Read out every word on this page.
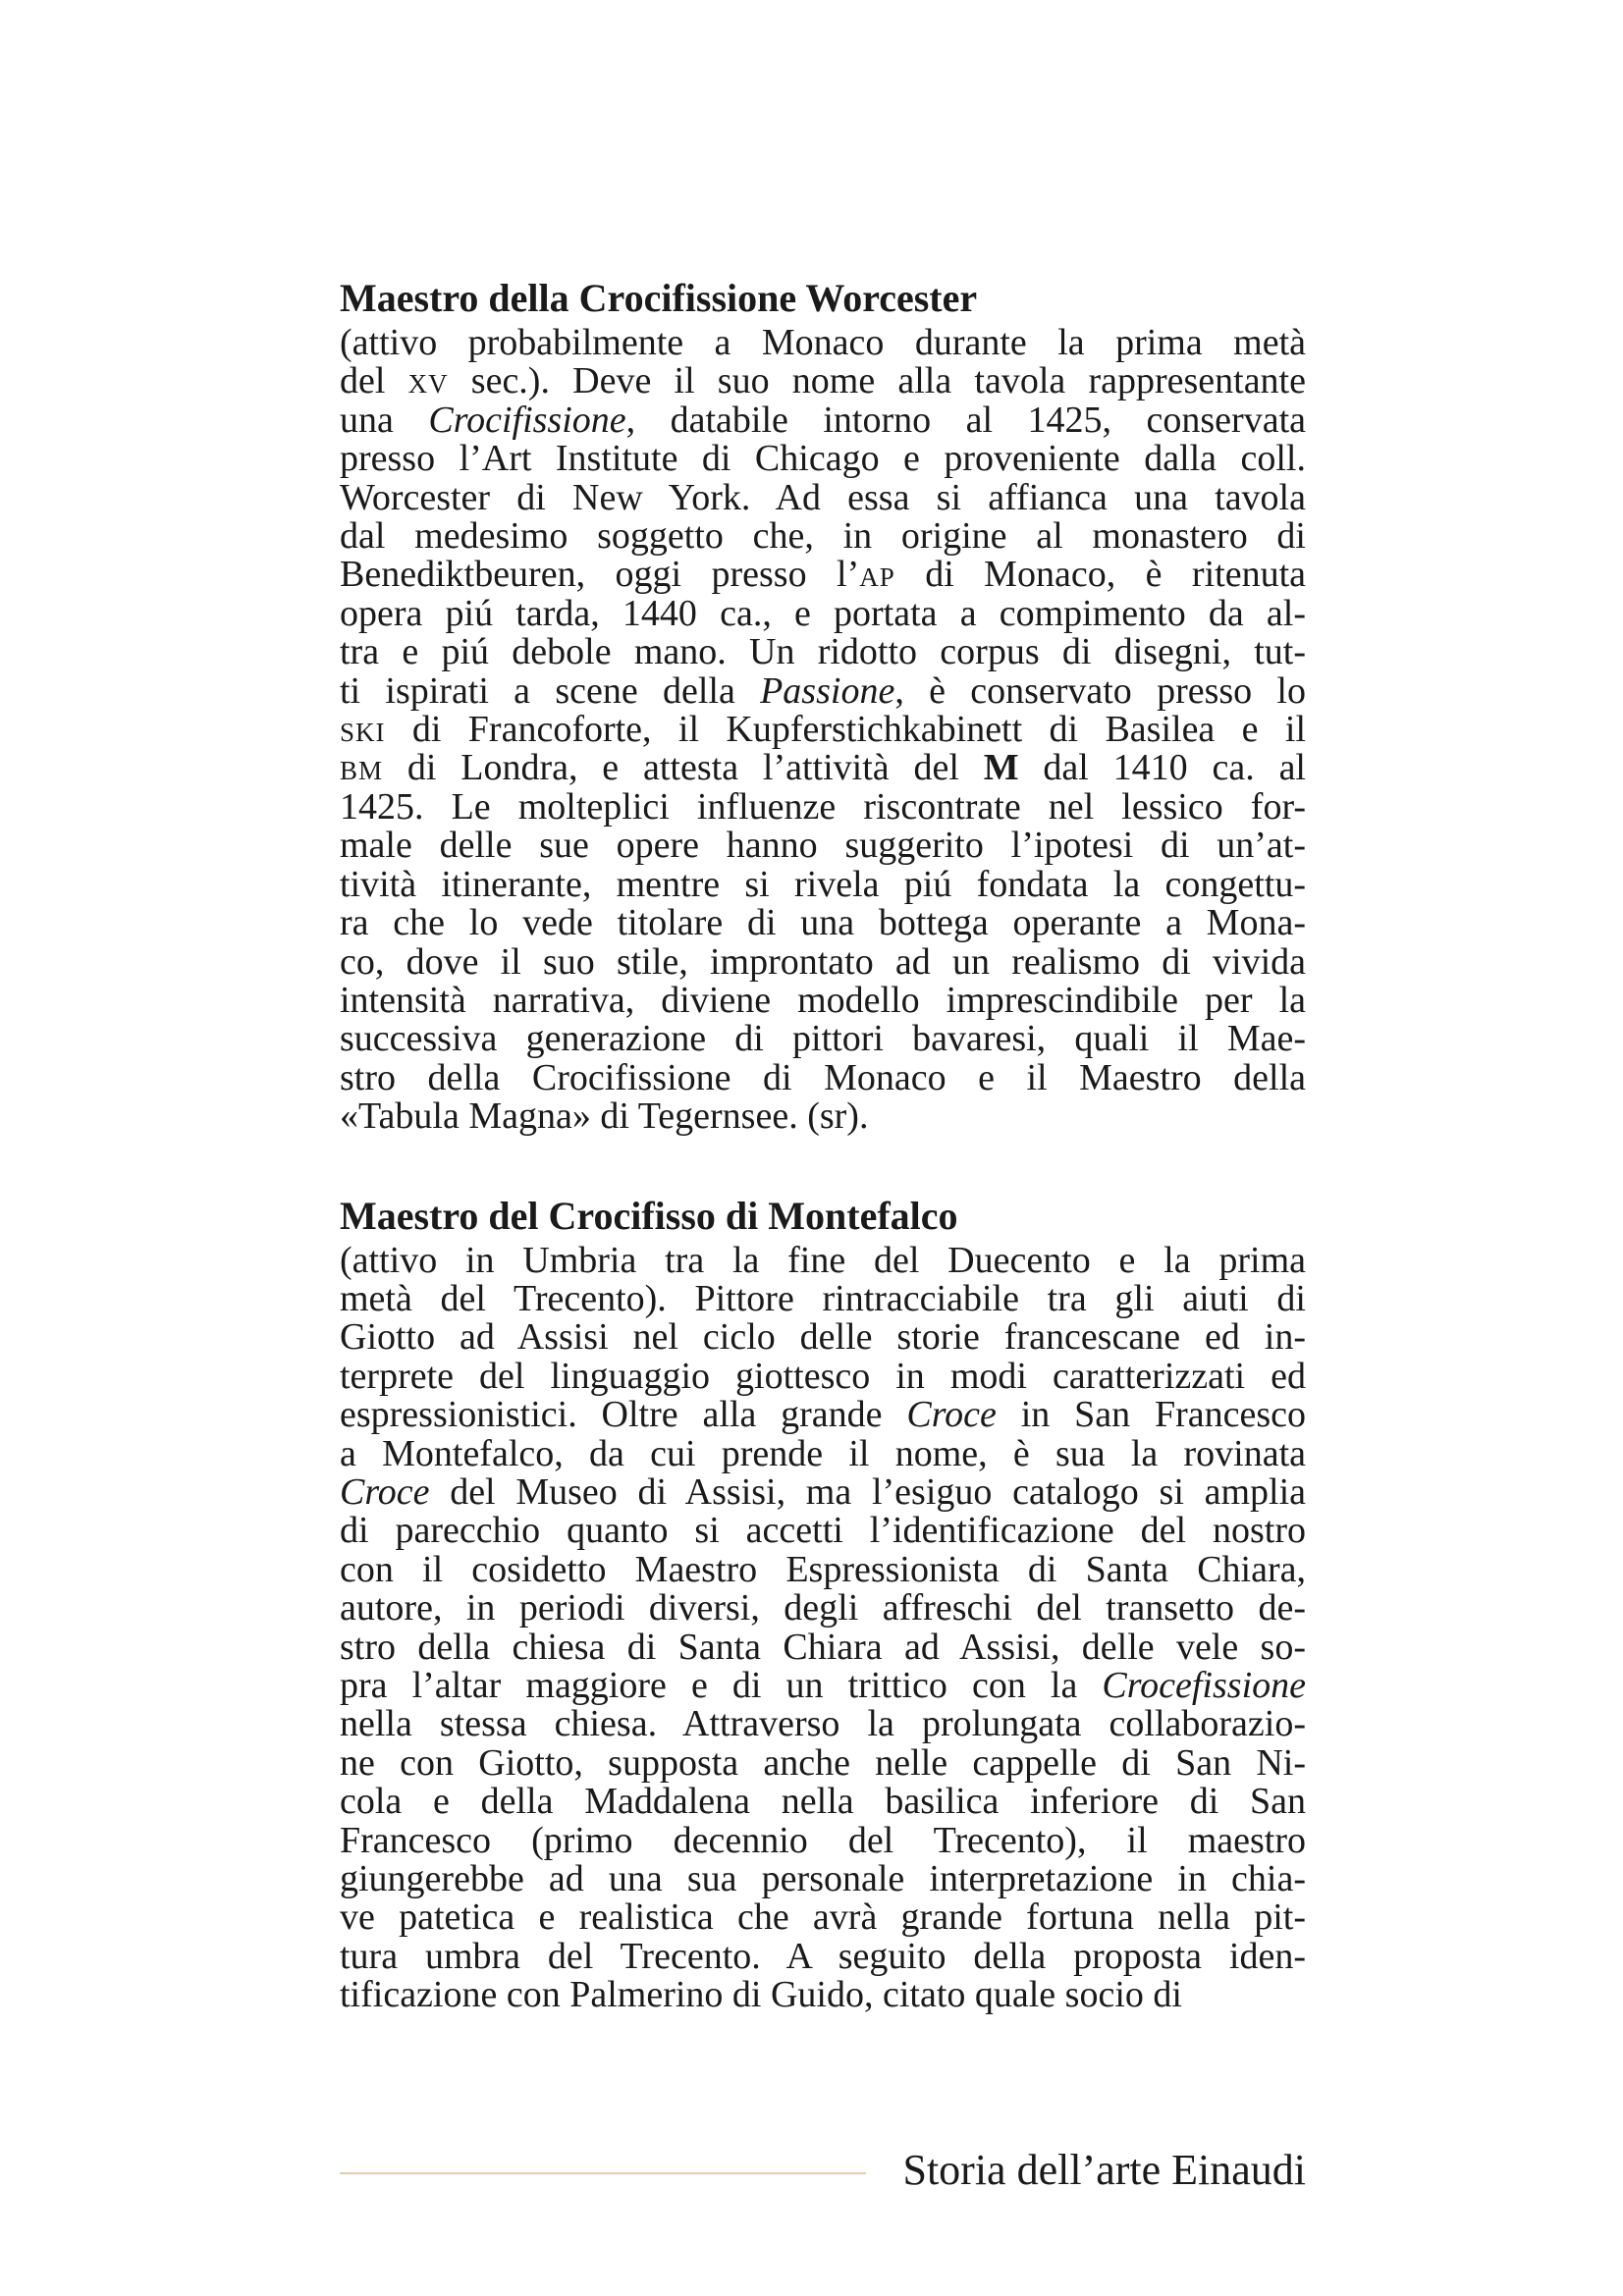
Maestro della Crocifissione Worcester
(attivo probabilmente a Monaco durante la prima metà
del xv sec.). Deve il suo nome alla tavola rappresentante
una Crocifissione, databile intorno al 1425, conservata
presso l’Art Institute di Chicago e proveniente dalla coll.
Worcester di New York. Ad essa si affianca una tavola
dal medesimo soggetto che, in origine al monastero di
Benediktbeuren, oggi presso l’ap di Monaco, è ritenuta
opera piú tarda, 1440 ca., e portata a compimento da al-
tra e piú debole mano. Un ridotto corpus di disegni, tut-
ti ispirati a scene della Passione, è conservato presso lo
ski di Francoforte, il Kupferstichkabinett di Basilea e il
bm di Londra, e attesta l’attività del M dal 1410 ca. al
1425. Le molteplici influenze riscontrate nel lessico for-
male delle sue opere hanno suggerito l’ipotesi di un’at-
tività itinerante, mentre si rivela piú fondata la congettu-
ra che lo vede titolare di una bottega operante a Mona-
co, dove il suo stile, improntato ad un realismo di vivida
intensità narrativa, diviene modello imprescindibile per la
successiva generazione di pittori bavaresi, quali il Mae-
stro della Crocifissione di Monaco e il Maestro della
«Tabula Magna» di Tegernsee. (sr).
Maestro del Crocifisso di Montefalco
(attivo in Umbria tra la fine del Duecento e la prima
metà del Trecento). Pittore rintracciabile tra gli aiuti di
Giotto ad Assisi nel ciclo delle storie francescane ed in-
terprete del linguaggio giottesco in modi caratterizzati ed
espressionistici. Oltre alla grande Croce in San Francesco
a Montefalco, da cui prende il nome, è sua la rovinata
Croce del Museo di Assisi, ma l’esiguo catalogo si amplia
di parecchio quanto si accetti l’identificazione del nostro
con il cosidetto Maestro Espressionista di Santa Chiara,
autore, in periodi diversi, degli affreschi del transetto de-
stro della chiesa di Santa Chiara ad Assisi, delle vele so-
pra l’altar maggiore e di un trittico con la Crocefissione
nella stessa chiesa. Attraverso la prolungata collaborazio-
ne con Giotto, supposta anche nelle cappelle di San Ni-
cola e della Maddalena nella basilica inferiore di San
Francesco (primo decennio del Trecento), il maestro
giungerebbe ad una sua personale interpretazione in chia-
ve patetica e realistica che avrà grande fortuna nella pit-
tura umbra del Trecento. A seguito della proposta iden-
tificazione con Palmerino di Guido, citato quale socio di
Storia dell’arte Einaudi
